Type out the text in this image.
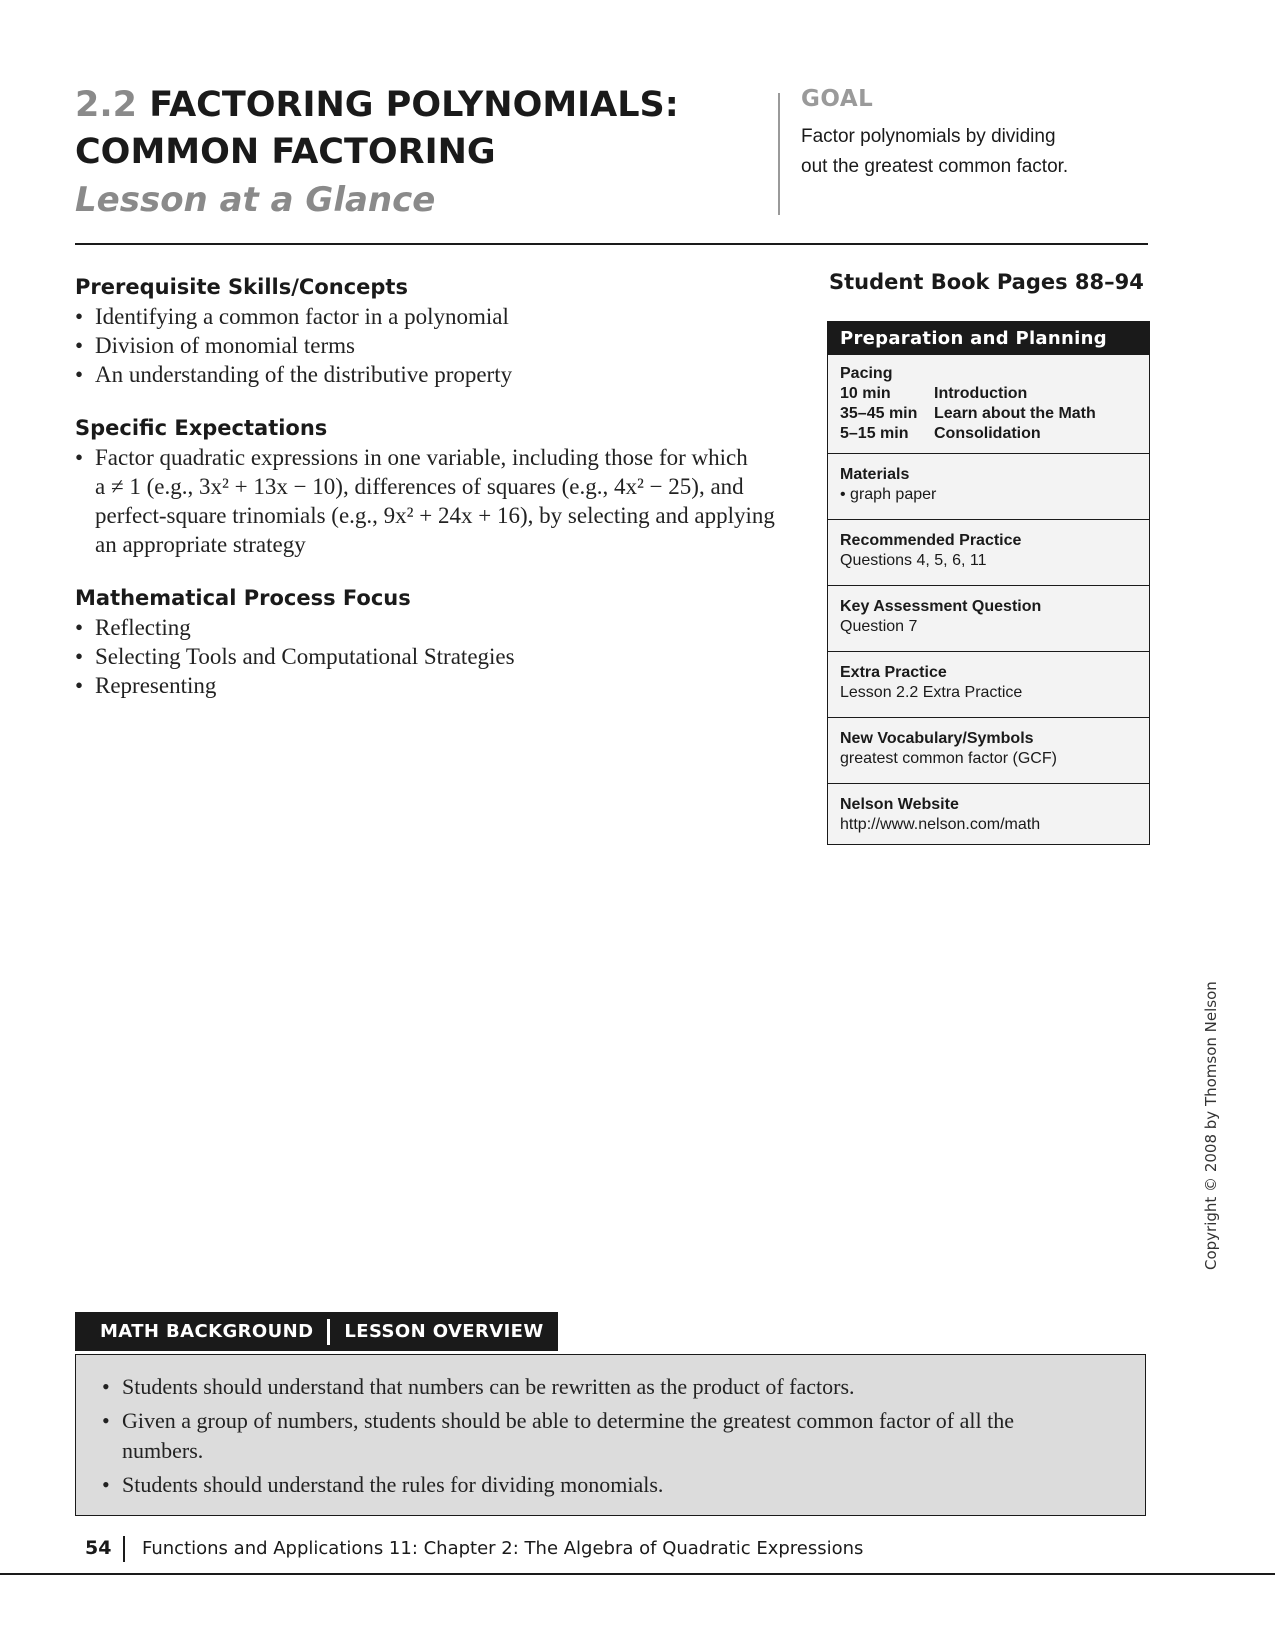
2.2 FACTORING POLYNOMIALS:
COMMON FACTORING
Lesson at a Glance
GOAL
Factor polynomials by dividing
out the greatest common factor.
Prerequisite Skills/Concepts
• Identifying a common factor in a polynomial
• Division of monomial terms
• An understanding of the distributive property
Specific Expectations
• Factor quadratic expressions in one variable, including those for which
a ≠ 1 (e.g., 3x² + 13x − 10), differences of squares (e.g., 4x² − 25), and
perfect-square trinomials (e.g., 9x² + 24x + 16), by selecting and applying
an appropriate strategy
Mathematical Process Focus
• Reflecting
• Selecting Tools and Computational Strategies
• Representing
Student Book Pages 88–94
Preparation and Planning
Pacing
10 min	Introduction
35–45 min	Learn about the Math
5–15 min	Consolidation
Materials
• graph paper
Recommended Practice
Questions 4, 5, 6, 11
Key Assessment Question
Question 7
Extra Practice
Lesson 2.2 Extra Practice
New Vocabulary/Symbols
greatest common factor (GCF)
Nelson Website
http://www.nelson.com/math
Copyright © 2008 by Thomson Nelson
MATH BACKGROUND LESSON OVERVIEW
• Students should understand that numbers can be rewritten as the product of factors.
• Given a group of numbers, students should be able to determine the greatest common factor of all the
numbers.
• Students should understand the rules for dividing monomials.
54 Functions and Applications 11: Chapter 2: The Algebra of Quadratic Expressions
